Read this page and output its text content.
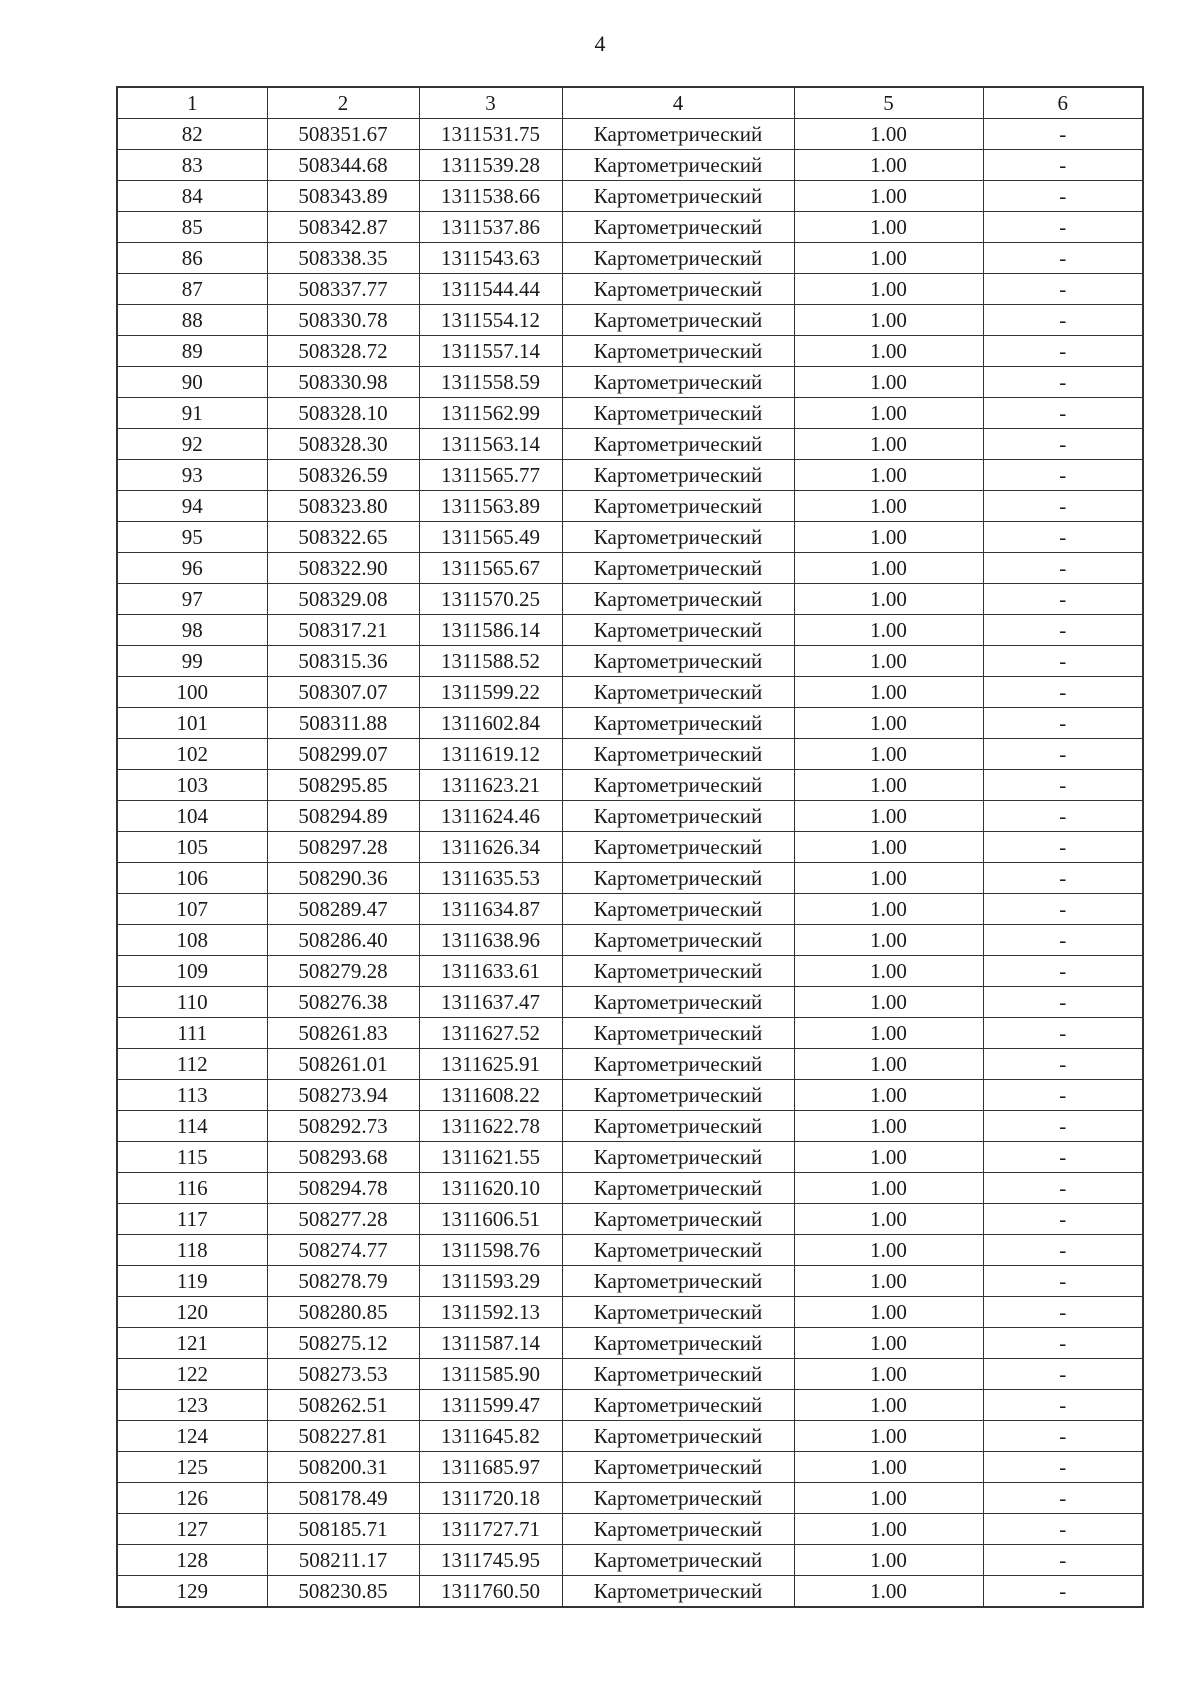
4
1	2	3	4	5	6
82	508351.67	1311531.75	Картометрический	1.00	-
83	508344.68	1311539.28	Картометрический	1.00	-
84	508343.89	1311538.66	Картометрический	1.00	-
85	508342.87	1311537.86	Картометрический	1.00	-
86	508338.35	1311543.63	Картометрический	1.00	-
87	508337.77	1311544.44	Картометрический	1.00	-
88	508330.78	1311554.12	Картометрический	1.00	-
89	508328.72	1311557.14	Картометрический	1.00	-
90	508330.98	1311558.59	Картометрический	1.00	-
91	508328.10	1311562.99	Картометрический	1.00	-
92	508328.30	1311563.14	Картометрический	1.00	-
93	508326.59	1311565.77	Картометрический	1.00	-
94	508323.80	1311563.89	Картометрический	1.00	-
95	508322.65	1311565.49	Картометрический	1.00	-
96	508322.90	1311565.67	Картометрический	1.00	-
97	508329.08	1311570.25	Картометрический	1.00	-
98	508317.21	1311586.14	Картометрический	1.00	-
99	508315.36	1311588.52	Картометрический	1.00	-
100	508307.07	1311599.22	Картометрический	1.00	-
101	508311.88	1311602.84	Картометрический	1.00	-
102	508299.07	1311619.12	Картометрический	1.00	-
103	508295.85	1311623.21	Картометрический	1.00	-
104	508294.89	1311624.46	Картометрический	1.00	-
105	508297.28	1311626.34	Картометрический	1.00	-
106	508290.36	1311635.53	Картометрический	1.00	-
107	508289.47	1311634.87	Картометрический	1.00	-
108	508286.40	1311638.96	Картометрический	1.00	-
109	508279.28	1311633.61	Картометрический	1.00	-
110	508276.38	1311637.47	Картометрический	1.00	-
111	508261.83	1311627.52	Картометрический	1.00	-
112	508261.01	1311625.91	Картометрический	1.00	-
113	508273.94	1311608.22	Картометрический	1.00	-
114	508292.73	1311622.78	Картометрический	1.00	-
115	508293.68	1311621.55	Картометрический	1.00	-
116	508294.78	1311620.10	Картометрический	1.00	-
117	508277.28	1311606.51	Картометрический	1.00	-
118	508274.77	1311598.76	Картометрический	1.00	-
119	508278.79	1311593.29	Картометрический	1.00	-
120	508280.85	1311592.13	Картометрический	1.00	-
121	508275.12	1311587.14	Картометрический	1.00	-
122	508273.53	1311585.90	Картометрический	1.00	-
123	508262.51	1311599.47	Картометрический	1.00	-
124	508227.81	1311645.82	Картометрический	1.00	-
125	508200.31	1311685.97	Картометрический	1.00	-
126	508178.49	1311720.18	Картометрический	1.00	-
127	508185.71	1311727.71	Картометрический	1.00	-
128	508211.17	1311745.95	Картометрический	1.00	-
129	508230.85	1311760.50	Картометрический	1.00	-
